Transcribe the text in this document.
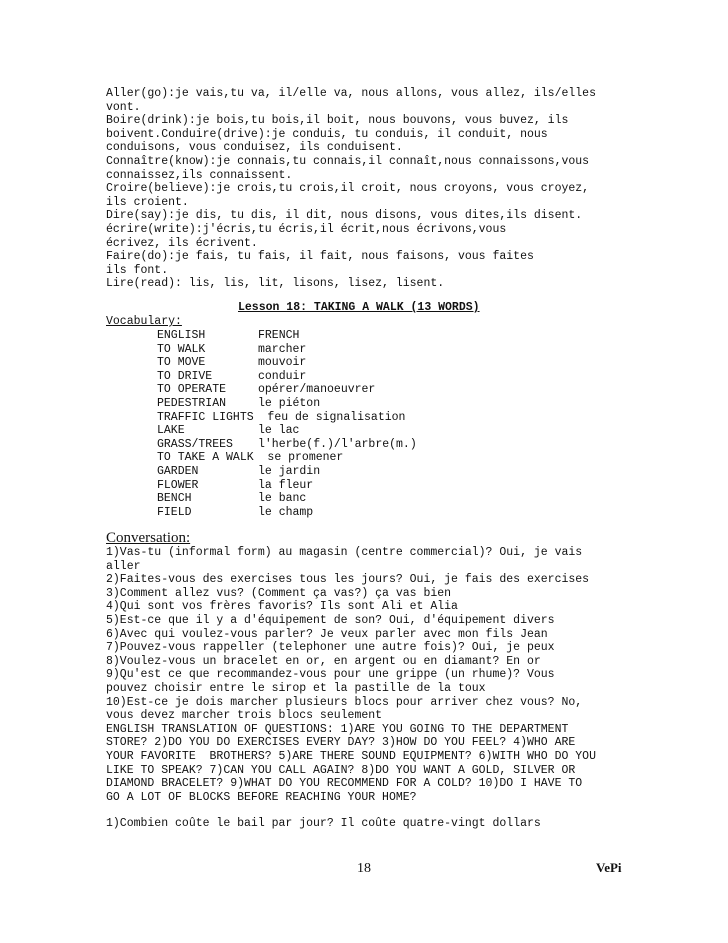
Aller(go):je vais,tu va, il/elle va, nous allons, vous allez, ils/elles
vont.
Boire(drink):je bois,tu bois,il boit, nous bouvons, vous buvez, ils
boivent.Conduire(drive):je conduis, tu conduis, il conduit, nous
conduisons, vous conduisez, ils conduisent.
Connaître(know):je connais,tu connais,il connaît,nous connaissons,vous
connaissez,ils connaissent.
Croire(believe):je crois,tu crois,il croit, nous croyons, vous croyez,
ils croient.
Dire(say):je dis, tu dis, il dit, nous disons, vous dites,ils disent.
écrire(write):j'écris,tu écris,il écrit,nous écrivons,vous
écrivez, ils écrivent.
Faire(do):je fais, tu fais, il fait, nous faisons, vous faites
ils font.
Lire(read): lis, lis, lit, lisons, lisez, lisent.
Lesson 18: TAKING A WALK (13 WORDS)
Vocabulary:
ENGLISH	FRENCH
TO WALK	marcher
TO MOVE	mouvoir
TO DRIVE	conduir
TO OPERATE	opérer/manoeuvrer
PEDESTRIAN	le piéton
TRAFFIC LIGHTS  feu de signalisation
LAKE	le lac
GRASS/TREES l'herbe(f.)/l'arbre(m.)
TO TAKE A WALK  se promener
GARDEN	le jardin
FLOWER	la fleur
BENCH	le banc
FIELD	le champ
Conversation:
1)Vas-tu (informal form) au magasin (centre commercial)? Oui, je vais
aller
2)Faites-vous des exercises tous les jours? Oui, je fais des exercises
3)Comment allez vus? (Comment ça vas?) ça vas bien
4)Qui sont vos frères favoris? Ils sont Ali et Alia
5)Est-ce que il y a d'équipement de son? Oui, d'équipement divers
6)Avec qui voulez-vous parler? Je veux parler avec mon fils Jean
7)Pouvez-vous rappeller (telephoner une autre fois)? Oui, je peux
8)Voulez-vous un bracelet en or, en argent ou en diamant? En or
9)Qu'est ce que recommandez-vous pour une grippe (un rhume)? Vous
pouvez choisir entre le sirop et la pastille de la toux
10)Est-ce je dois marcher plusieurs blocs pour arriver chez vous? No,
vous devez marcher trois blocs seulement
ENGLISH TRANSLATION OF QUESTIONS: 1)ARE YOU GOING TO THE DEPARTMENT
STORE? 2)DO YOU DO EXERCISES EVERY DAY? 3)HOW DO YOU FEEL? 4)WHO ARE
YOUR FAVORITE  BROTHERS? 5)ARE THERE SOUND EQUIPMENT? 6)WITH WHO DO YOU
LIKE TO SPEAK? 7)CAN YOU CALL AGAIN? 8)DO YOU WANT A GOLD, SILVER OR
DIAMOND BRACELET? 9)WHAT DO YOU RECOMMEND FOR A COLD? 10)DO I HAVE TO
GO A LOT OF BLOCKS BEFORE REACHING YOUR HOME?
1)Combien coûte le bail par jour? Il coûte quatre-vingt dollars
18	VePi
